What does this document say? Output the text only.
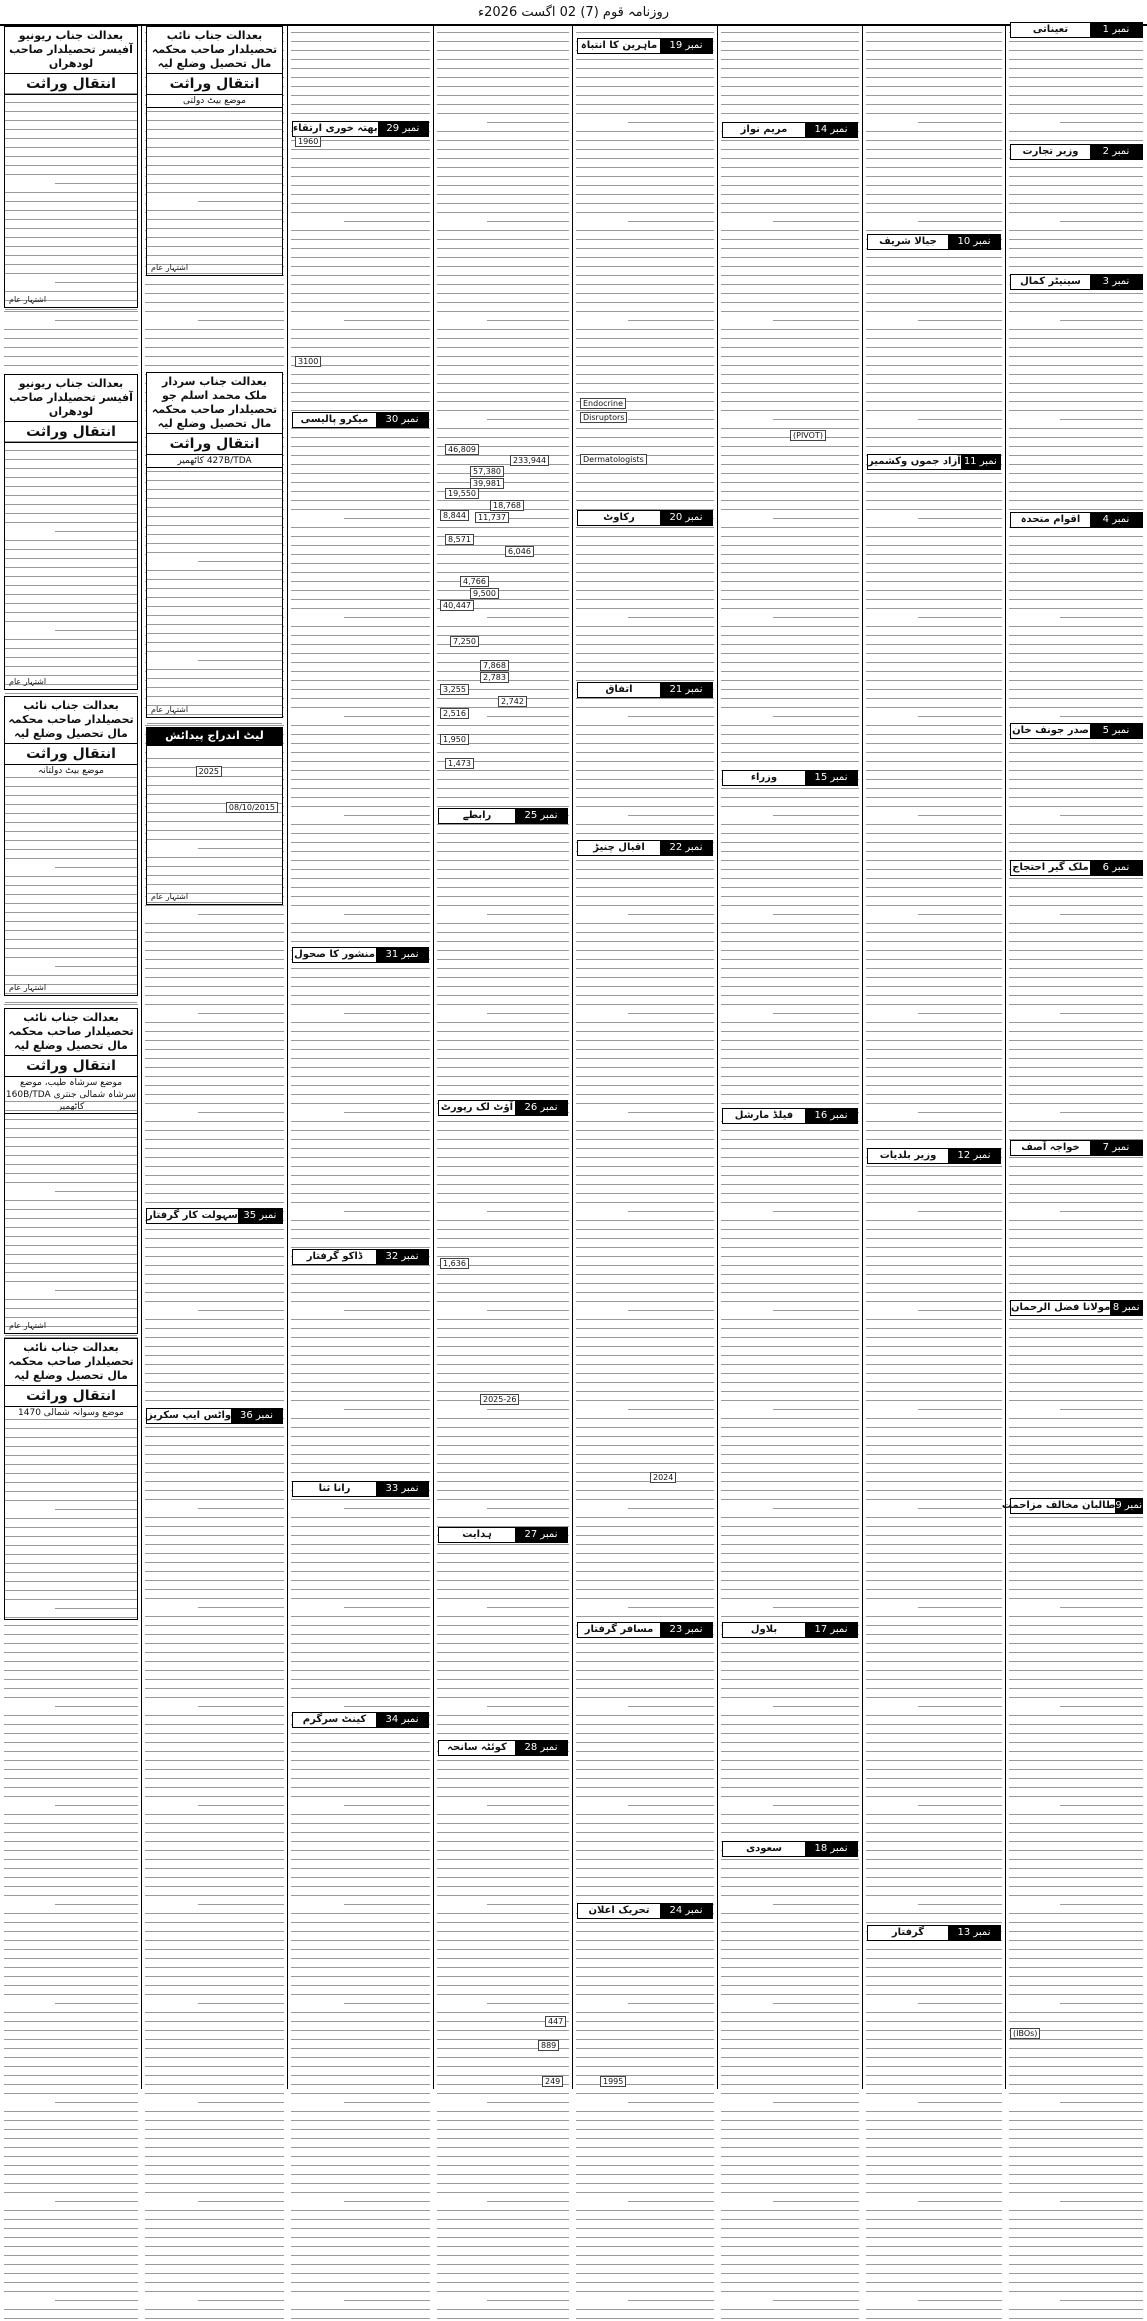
روزنامہ قوم (7) 02 اگست 2026ء
نمبر 1
تعیناتی
نمبر 2
وزیر تجارت
نمبر 3
سینیٹر کمال
نمبر 4
اقوام متحدہ
نمبر 5
صدر جونف خان
نمبر 6
ملک گیر احتجاج
نمبر 7
خواجہ آصف
نمبر 8
مولانا فضل الرحمان
نمبر 9
طالبان مخالف مزاحمت
نمبر 10
جیالا شریف
نمبر 11
آزاد جموں وکشمیر
نمبر 12
وزیر بلدیات
نمبر 13
گرفتار
نمبر 14
مریم نواز
نمبر 15
وزراء
نمبر 16
فیلڈ مارشل
نمبر 17
بلاول
نمبر 18
سعودی
نمبر 19
ماہرین کا انتباہ
نمبر 20
رکاوٹ
نمبر 21
اتفاق
نمبر 22
اقبال چنیڑ
نمبر 23
مسافر گرفتار
نمبر 24
تحریک اعلان
نمبر 25
رابطے
نمبر 26
آؤٹ لک رپورٹ
نمبر 27
ہدایت
نمبر 28
کوئٹہ سانحہ
نمبر 29
بھتہ خوری ارتقاء
نمبر 30
میکرو پالیسی
نمبر 31
منشور کا صحول
نمبر 32
ڈاکو گرفتار
نمبر 33
رانا ثنا
نمبر 34
کینٹ سرگرم
نمبر 35
سہولت کار گرفتار
نمبر 36
واٹس ایپ سکریز
بعدالت جناب نائب تحصیلدار صاحب محکمہ مال تحصیل وضلع لیہ
انتقال وراثت
موضع بیٹ دولتی
اشتہار عام
بعدالت جناب سردار ملک محمد اسلم جو تحصیلدار صاحب محکمہ مال تحصیل وضلع لیہ
انتقال وراثت
427B/TDA کاٹھمیر
اشتہار عام
لیٹ اندراج پیدائش
08/10/2015
2025
اشتہار عام
بعدالت جناب ریونیو آفیسر تحصیلدار صاحب لودھراں
انتقال وراثت
اشتہار عام
بعدالت جناب ریونیو آفیسر تحصیلدار صاحب لودھراں
انتقال وراثت
اشتہار عام
بعدالت جناب نائب تحصیلدار صاحب محکمہ مال تحصیل وضلع لیہ
انتقال وراثت
موضع بیٹ دولتانہ
اشتہار عام
بعدالت جناب نائب تحصیلدار صاحب محکمہ مال تحصیل وضلع لیہ
انتقال وراثت
موضع سرشاہ طیب، موضع سرشاہ شمالی جنتری 160B/TDA کاٹھمیر
اشتہار عام
بعدالت جناب نائب تحصیلدار صاحب محکمہ مال تحصیل وضلع لیہ
انتقال وراثت
موضع وسوانہ شمالی 1470
Endocrine
Disruptors
Dermatologists
(PIVOT)
(IBOs)
1960
3100
46,809
57,380
233,944
39,981
19,550
18,768
11,737
8,844
8,571
6,046
4,766
40,447
9,500
7,250
7,868
2,783
3,255
2,516
2,742
1,950
1,473
1,636
2025-26
2024
1995
249
889
447
